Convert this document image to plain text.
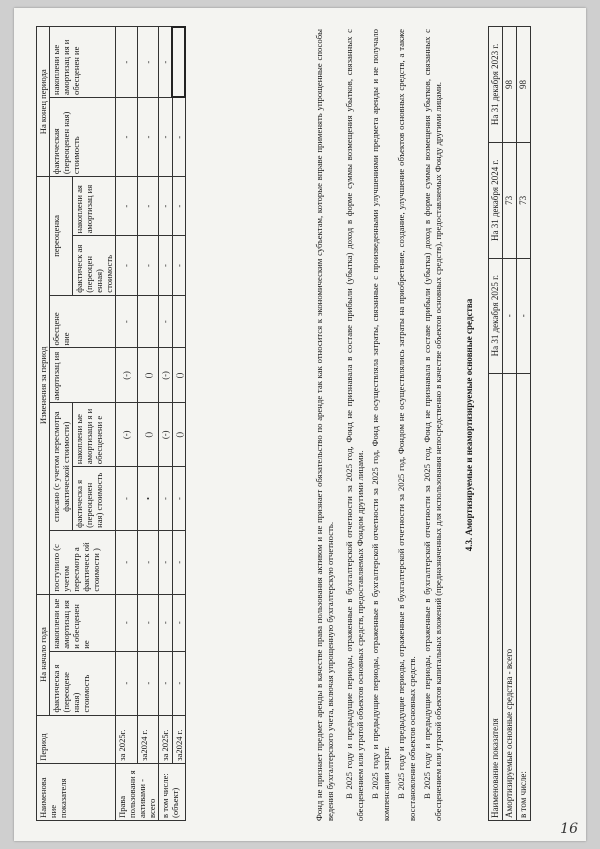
Наименова ние показателя	Период	На начало года		Изменения за период							На конец периода	
		фактическа я (переоцене нная) стоимость	накоплени ые амортизац ия и обесценен ие	поступило (с учетом пересмотр а фактическ ой стоимости )	списано (с учетом пересмотра фактической стоимости)		амортизац ия	обесцене ние	переоценка		фактическая (переоценен ная) стоимость	накоплени ые амортизац ия и обесценен ие
					фактическа я (переоценен ная) стоимость	накоплени ые амортизаци я и обесценени е			фактическ ая (переоцен енная) стоимость	накоплени ая амортизац ия		
Права пользовани я активами - всего	за 2025г.	-	-	-	-	(-)	(-)	-	-	-	-	-
	за2024 г.	-	-	-	•	()	()		-	-	-	-
в том числе: (объект)	за 2025г.	-	-	-	-	(-)	(-)	-	-	-	-	-
	за2024 г.	-	-	-	-	()	()		-	-	-		Фонд не признает предмет аренды в качестве права пользования активом и не признает обязательство по аренде так как относится к экономическим субъектам, которые вправе применять упрощенные способы ведения бухгалтерского учета, включая упрощенную бухгалтерскую отчетность. В 2025 году и предыдущие периоды, отраженные в бухгалтерской отчетности за 2025 год, Фонд не признавала в составе прибыли (убытка) доход в форме суммы возмещения убытков, связанных с обесценением или утратой объектов основных средств, предоставляемых Фондом другими лицами. В 2025 году и предыдущие периоды, отраженные в бухгалтерской отчетности за 2025 год, Фонд не осуществляла затраты, связанные с произведенными улучшениями предмета аренды и не получало компенсации затрат. В 2025 году и предыдущие периоды, отраженные в бухгалтерской отчетности за 2025 год, Фондом не осуществлялись затраты на приобретение, создание, улучшение объектов основных средств, а также восстановление объектов основных средств. В 2025 году и предыдущие периоды, отраженные в бухгалтерской отчетности за 2025 год, Фонд не признавала в составе прибыли (убытка) доход в форме суммы возмещения убытков, связанных с обесценением или утратой объектов капитальных вложений (предназначенных для использования непосредственно в качестве объектов основных средств), предоставляемых Фонду другими лицами. 4.3. Амортизируемые и неамортизируемые основные средства
Наименование показателя	На 31 декабря 2025 г.	На 31 декабря 2024 г.	На 31 декабря 2023 г.
Амортизируемые основные средства - всего	-	73	98
в том числе:	-	73	98
16
